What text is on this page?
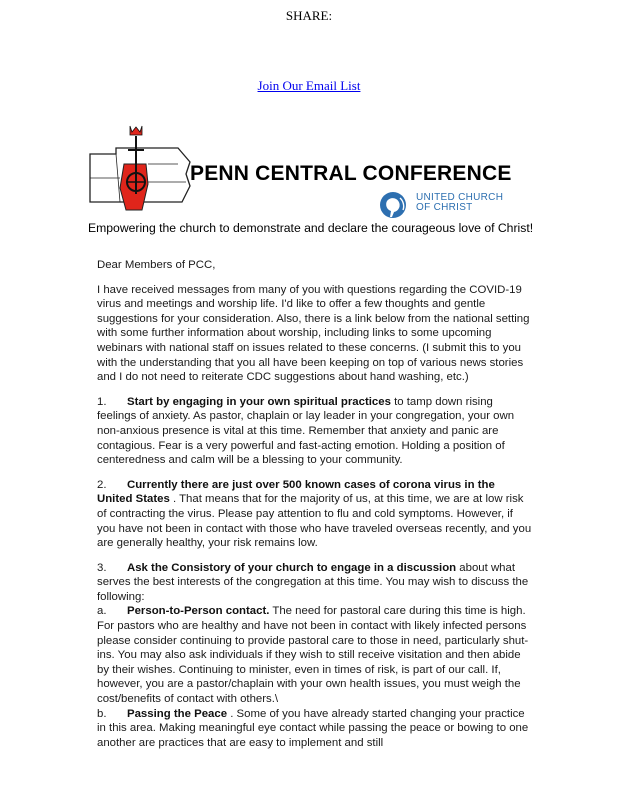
SHARE:
Join Our Email List
PENN CENTRAL CONFERENCE
UNITED CHURCH
OF CHRIST
Empowering the church to demonstrate and declare the courageous love of Christ!

Dear Members of PCC,

I have received messages from many of you with questions regarding the COVID-19 virus and meetings and worship life. I'd like to offer a few thoughts and gentle suggestions for your consideration. Also, there is a link below from the national setting with some further information about worship, including links to some upcoming webinars with national staff on issues related to these concerns. (I submit this to you with the understanding that you all have been keeping on top of various news stories and I do not need to reiterate CDC suggestions about hand washing, etc.)

1. Start by engaging in your own spiritual practices to tamp down rising feelings of anxiety. As pastor, chaplain or lay leader in your congregation, your own non-anxious presence is vital at this time. Remember that anxiety and panic are contagious. Fear is a very powerful and fast-acting emotion. Holding a position of centeredness and calm will be a blessing to your community.

2. Currently there are just over 500 known cases of corona virus in the United States . That means that for the majority of us, at this time, we are at low risk of contracting the virus. Please pay attention to flu and cold symptoms. However, if you have not been in contact with those who have traveled overseas recently, and you are generally healthy, your risk remains low.

3. Ask the Consistory of your church to engage in a discussion about what serves the best interests of the congregation at this time. You may wish to discuss the following:

a. Person-to-Person contact. The need for pastoral care during this time is high. For pastors who are healthy and have not been in contact with likely infected persons please consider continuing to provide pastoral care to those in need, particularly shut-ins. You may also ask individuals if they wish to still receive visitation and then abide by their wishes. Continuing to minister, even in times of risk, is part of our call. If, however, you are a pastor/chaplain with your own health issues, you must weigh the cost/benefits of contact with others.\

b. Passing the Peace . Some of you have already started changing your practice in this area. Making meaningful eye contact while passing the peace or bowing to one another are practices that are easy to implement and still
